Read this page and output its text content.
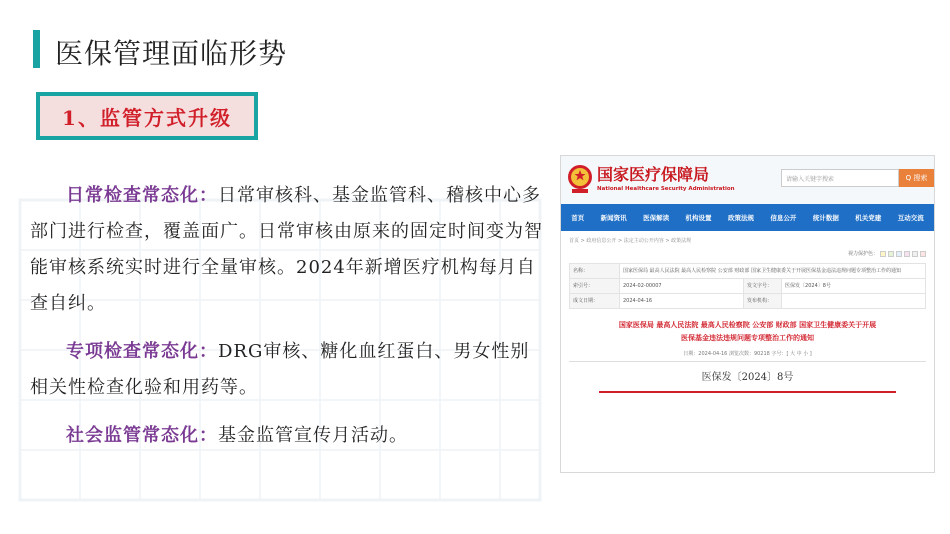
医保管理面临形势
1、监管方式升级

日常检查常态化：日常审核科、基金监管科、稽核中心多部门进行检查，覆盖面广。日常审核由原来的固定时间变为智能审核系统实时进行全量审核。2024年新增医疗机构每月自查自纠。

专项检查常态化：DRG审核、糖化血红蛋白、男女性别相关性检查化验和用药等。

社会监管常态化：基金监管宣传月活动。

国家医疗保障局
National Healthcare Security Administration
请输入关键字搜索	Q 搜索
首页	新闻资讯	医保解读	机构设置	政策法规	信息公开	统计数据	机关党建	互动交流
首页 > 政府信息公开 > 法定主动公开内容 > 政策法规
视力保护色：
名称：	国家医保局 最高人民法院 最高人民检察院 公安部 财政部 国家卫生健康委关于开展医保基金违法违规问题专项整治工作的通知		
索引号：	2024-02-00007	发文字号：	医保发〔2024〕8号
成文日期：	2024-04-16	发布机构：	
国家医保局 最高人民法院 最高人民检察院 公安部 财政部 国家卫生健康委关于开展
医保基金违法违规问题专项整治工作的通知
日期：2024-04-16 浏览次数：90218 字号：[ 大 中 小 ]
医保发〔2024〕8号
